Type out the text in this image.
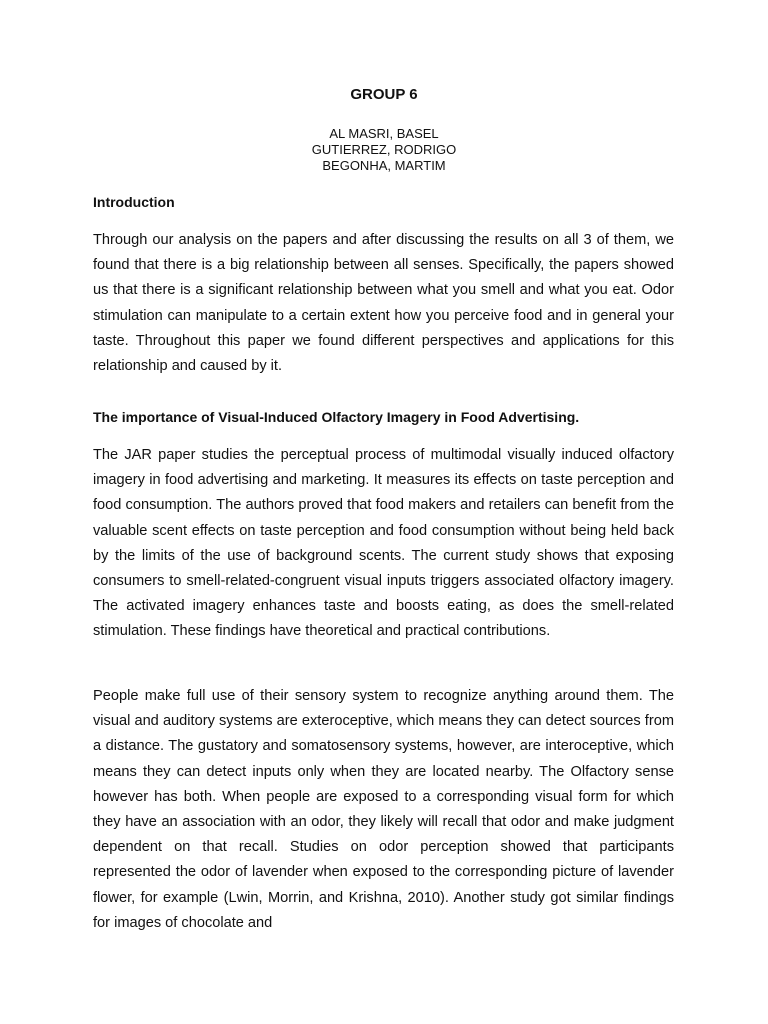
GROUP 6
AL MASRI, BASEL
GUTIERREZ, RODRIGO
BEGONHA, MARTIM
Introduction
Through our analysis on the papers and after discussing the results on all 3 of them, we found that there is a big relationship between all senses. Specifically, the papers showed us that there is a significant relationship between what you smell and what you eat. Odor stimulation can manipulate to a certain extent how you perceive food and in general your taste. Throughout this paper we found different perspectives and applications for this relationship and caused by it.
The importance of Visual-Induced Olfactory Imagery in Food Advertising.
The JAR paper studies the perceptual process of multimodal visually induced olfactory imagery in food advertising and marketing. It measures its effects on taste perception and food consumption. The authors proved that food makers and retailers can benefit from the valuable scent effects on taste perception and food consumption without being held back by the limits of the use of background scents. The current study shows that exposing consumers to smell-related-congruent visual inputs triggers associated olfactory imagery. The activated imagery enhances taste and boosts eating, as does the smell-related stimulation. These findings have theoretical and practical contributions.
People make full use of their sensory system to recognize anything around them. The visual and auditory systems are exteroceptive, which means they can detect sources from a distance. The gustatory and somatosensory systems, however, are interoceptive, which means they can detect inputs only when they are located nearby. The Olfactory sense however has both. When people are exposed to a corresponding visual form for which they have an association with an odor, they likely will recall that odor and make judgment dependent on that recall. Studies on odor perception showed that participants represented the odor of lavender when exposed to the corresponding picture of lavender flower, for example (Lwin, Morrin, and Krishna, 2010). Another study got similar findings for images of chocolate and
